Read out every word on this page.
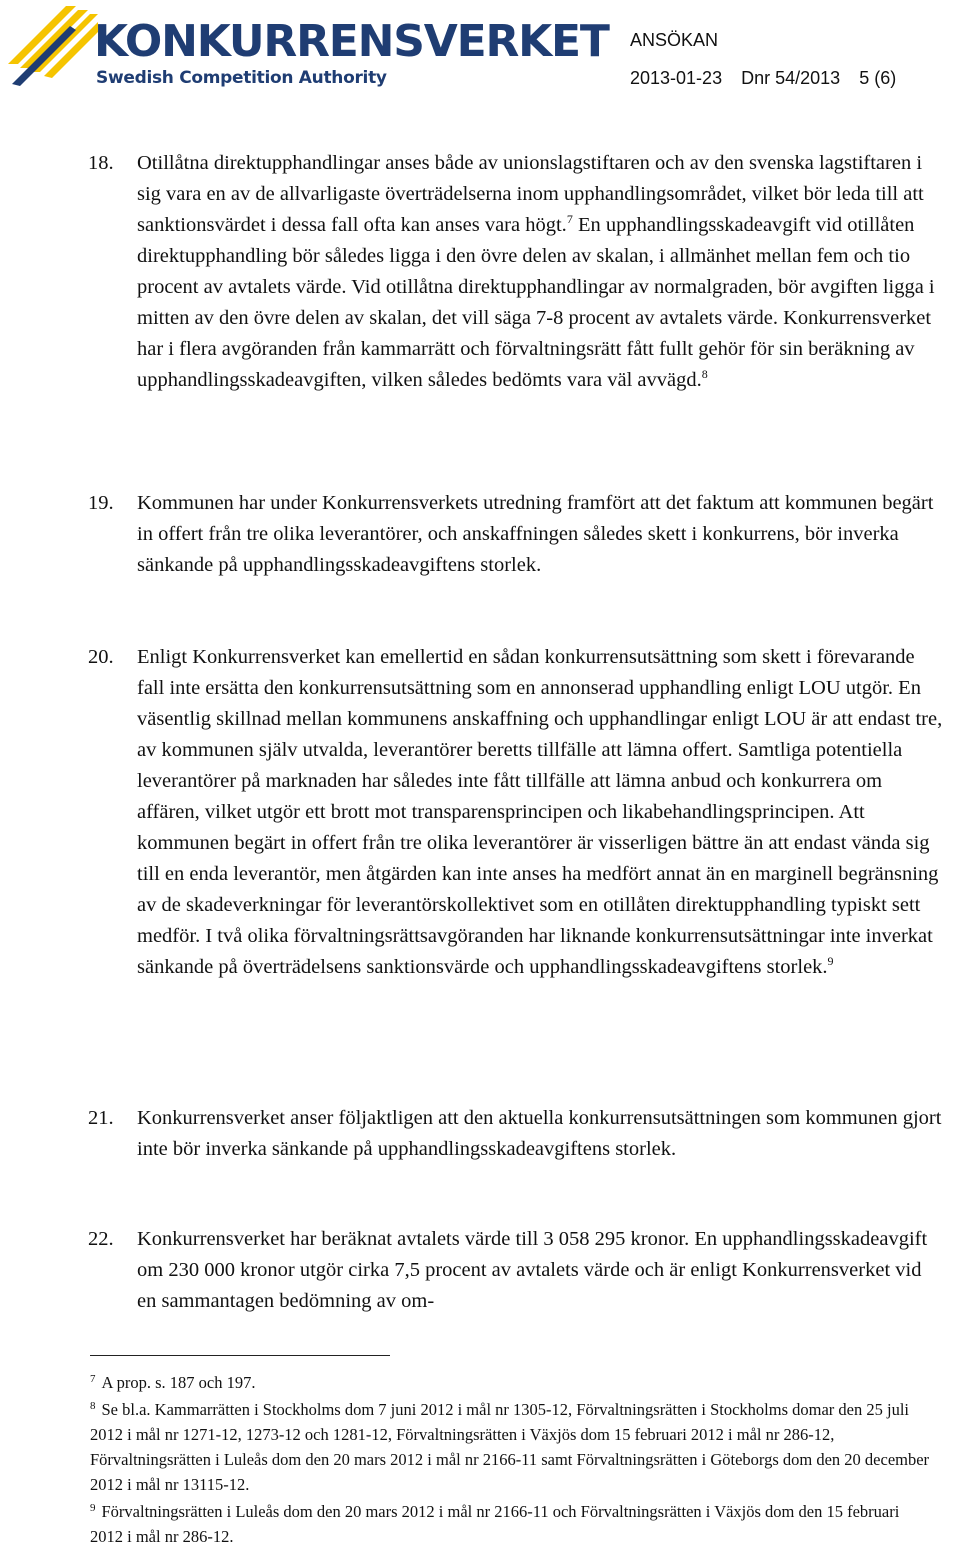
KONKURRENSVERKET
Swedish Competition Authority
ANSÖKAN
2013-01-23 Dnr 54/2013 5 (6)
18. Otillåtna direktupphandlingar anses både av unionslagstiftaren och av den svenska lagstiftaren i sig vara en av de allvarligaste överträdelserna inom upphandlingsområdet, vilket bör leda till att sanktionsvärdet i dessa fall ofta kan anses vara högt.$^7$ En upphandlingsskadeavgift vid otillåten direktupphandling bör således ligga i den övre delen av skalan, i allmänhet mellan fem och tio procent av avtalets värde. Vid otillåtna direktupphandlingar av normalgraden, bör avgiften ligga i mitten av den övre delen av skalan, det vill säga 7-8 procent av avtalets värde. Konkurrensverket har i flera avgöranden från kammarrätt och förvaltningsrätt fått fullt gehör för sin beräkning av upphandlingsskadeavgiften, vilken således bedömts vara väl avvägd.$^8$
19. Kommunen har under Konkurrensverkets utredning framfört att det faktum att kommunen begärt in offert från tre olika leverantörer, och anskaffningen således skett i konkurrens, bör inverka sänkande på upphandlingsskadeavgiftens storlek.
20. Enligt Konkurrensverket kan emellertid en sådan konkurrensutsättning som skett i förevarande fall inte ersätta den konkurrensutsättning som en annonserad upphandling enligt LOU utgör. En väsentlig skillnad mellan kommunens anskaffning och upphandlingar enligt LOU är att endast tre, av kommunen själv utvalda, leverantörer beretts tillfälle att lämna offert. Samtliga potentiella leverantörer på marknaden har således inte fått tillfälle att lämna anbud och konkurrera om affären, vilket utgör ett brott mot transparensprincipen och likabehandlingsprincipen. Att kommunen begärt in offert från tre olika leverantörer är visserligen bättre än att endast vända sig till en enda leverantör, men åtgärden kan inte anses ha medfört annat än en marginell begränsning av de skadeverkningar för leverantörskollektivet som en otillåten direktupphandling typiskt sett medför. I två olika förvaltningsrättsavgöranden har liknande konkurrensutsättningar inte inverkat sänkande på överträdelsens sanktionsvärde och upphandlingsskadeavgiftens storlek.$^9$
21. Konkurrensverket anser följaktligen att den aktuella konkurrensutsättningen som kommunen gjort inte bör inverka sänkande på upphandlingsskadeavgiftens storlek.
22. Konkurrensverket har beräknat avtalets värde till 3 058 295 kronor. En upphandlingsskadeavgift om 230 000 kronor utgör cirka 7,5 procent av avtalets värde och är enligt Konkurrensverket vid en sammantagen bedömning av om-
$^7$ A prop. s. 187 och 197.
$^8$ Se bl.a. Kammarrätten i Stockholms dom 7 juni 2012 i mål nr 1305-12, Förvaltningsrätten i Stockholms domar den 25 juli 2012 i mål nr 1271-12, 1273-12 och 1281-12, Förvaltningsrätten i Växjös dom 15 februari 2012 i mål nr 286-12, Förvaltningsrätten i Luleås dom den 20 mars 2012 i mål nr 2166-11 samt Förvaltningsrätten i Göteborgs dom den 20 december 2012 i mål nr 13115-12.
$^9$ Förvaltningsrätten i Luleås dom den 20 mars 2012 i mål nr 2166-11 och Förvaltningsrätten i Växjös dom den 15 februari 2012 i mål nr 286-12.
